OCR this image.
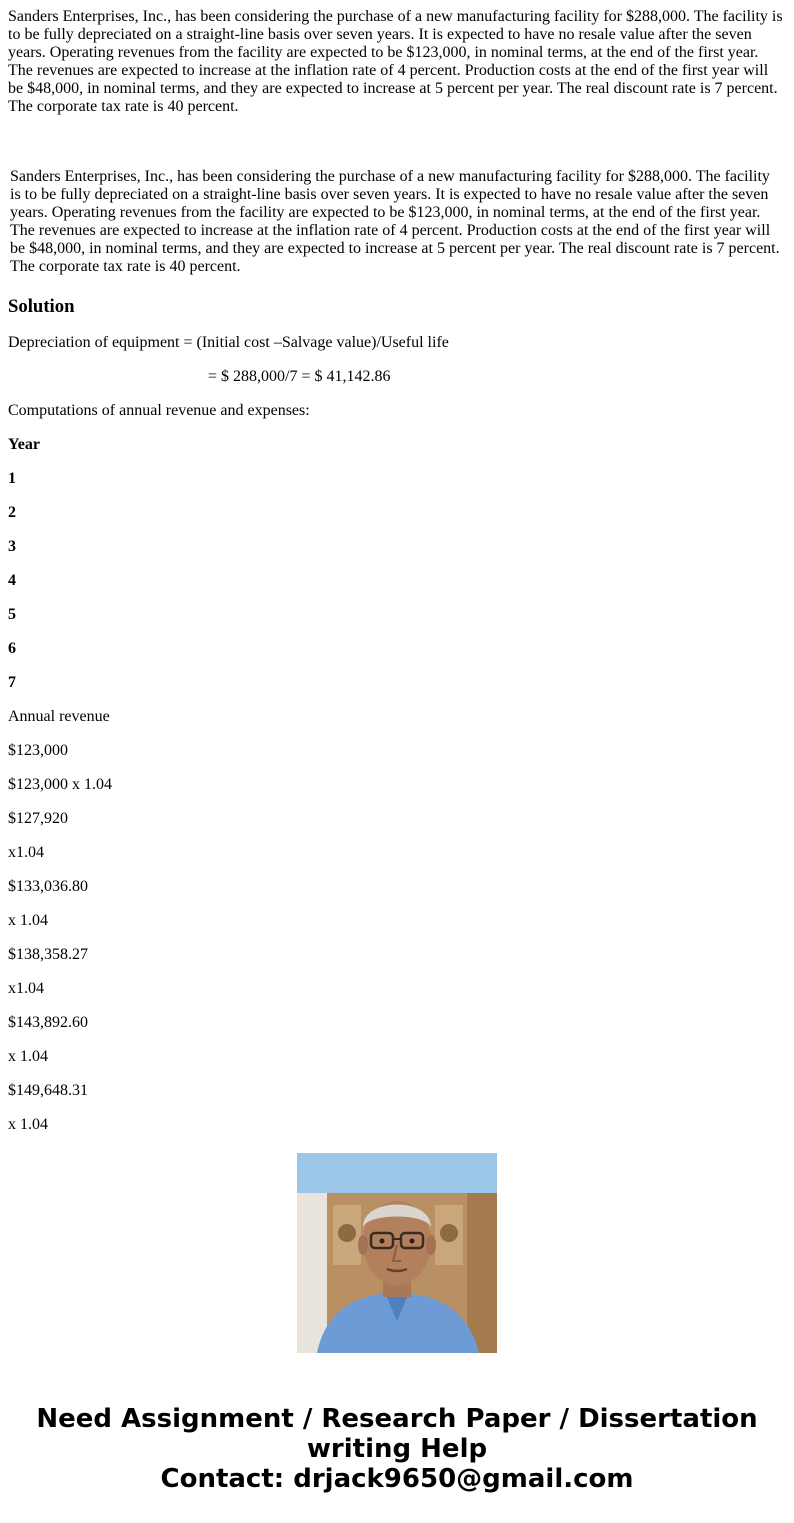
Sanders Enterprises, Inc., has been considering the purchase of a new manufacturing facility for $288,000. The facility is to be fully depreciated on a straight-line basis over seven years. It is expected to have no resale value after the seven years. Operating revenues from the facility are expected to be $123,000, in nominal terms, at the end of the first year. The revenues are expected to increase at the inflation rate of 4 percent. Production costs at the end of the first year will be $48,000, in nominal terms, and they are expected to increase at 5 percent per year. The real discount rate is 7 percent. The corporate tax rate is 40 percent.

Sanders Enterprises, Inc., has been considering the purchase of a new manufacturing facility for $288,000. The facility is to be fully depreciated on a straight-line basis over seven years. It is expected to have no resale value after the seven years. Operating revenues from the facility are expected to be $123,000, in nominal terms, at the end of the first year. The revenues are expected to increase at the inflation rate of 4 percent. Production costs at the end of the first year will be $48,000, in nominal terms, and they are expected to increase at 5 percent per year. The real discount rate is 7 percent. The corporate tax rate is 40 percent.

Solution
Depreciation of equipment = (Initial cost –Salvage value)/Useful life
= $ 288,000/7 = $ 41,142.86
Computations of annual revenue and expenses:
Year
1
2
3
4
5
6
7
Annual revenue
$123,000
$123,000 x 1.04
$127,920
x1.04
$133,036.80
x 1.04
$138,358.27
x1.04
$143,892.60
x 1.04
$149,648.31
x 1.04
Need Assignment / Research Paper / Dissertation
writing Help
Contact: drjack9650@gmail.com
